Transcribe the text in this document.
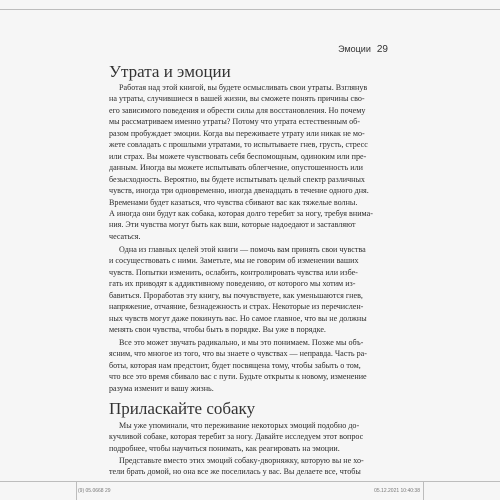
Эмоции 29
Утрата и эмоции
Работая над этой книгой, вы будете осмысливать свои утраты. Взглянув
на утраты, случившиеся в вашей жизни, вы сможете понять причины сво-
его зависимого поведения и обрести силы для восстановления. Но почему
мы рассматриваем именно утраты? Потому что утрата естественным об-
разом пробуждает эмоции. Когда вы переживаете утрату или никак не мо-
жете совладать с прошлыми утратами, то испытываете гнев, грусть, стресс
или страх. Вы можете чувствовать себя беспомощным, одиноким или пре-
данным. Иногда вы можете испытывать облегчение, опустошенность или
безысходность. Вероятно, вы будете испытывать целый спектр различных
чувств, иногда три одновременно, иногда двенадцать в течение одного дня.
Временами будет казаться, что чувства сбивают вас как тяжелые волны.
А иногда они будут как собака, которая долго теребит за ногу, требуя внима-
ния. Эти чувства могут быть как вши, которые надоедают и заставляют
чесаться.
Одна из главных целей этой книги — помочь вам принять свои чувства
и сосуществовать с ними. Заметьте, мы не говорим об изменении ваших
чувств. Попытки изменить, ослабить, контролировать чувства или избе-
гать их приводят к аддиктивному поведению, от которого мы хотим из-
бавиться. Проработав эту книгу, вы почувствуете, как уменьшаются гнев,
напряжение, отчаяние, безнадежность и страх. Некоторые из перечислен-
ных чувств могут даже покинуть вас. Но самое главное, что вы не должны
менять свои чувства, чтобы быть в порядке. Вы уже в порядке.
Все это может звучать радикально, и мы это понимаем. Позже мы объ-
ясним, что многое из того, что вы знаете о чувствах — неправда. Часть ра-
боты, которая нам предстоит, будет посвящена тому, чтобы забыть о том,
что все это время сбивало вас с пути. Будьте открыты к новому, изменение
разума изменит и вашу жизнь.
Приласкайте собаку
Мы уже упоминали, что переживание некоторых эмоций подобно до-
кучливой собаке, которая теребит за ногу. Давайте исследуем этот вопрос
подробнее, чтобы научиться понимать, как реагировать на эмоции.
Представьте вместо этих эмоций собаку-дворняжку, которую вы не хо-
тели брать домой, но она все же поселилась у вас. Вы делаете все, чтобы
(9) 05.0668 29	05.12.2021 10:40:38
